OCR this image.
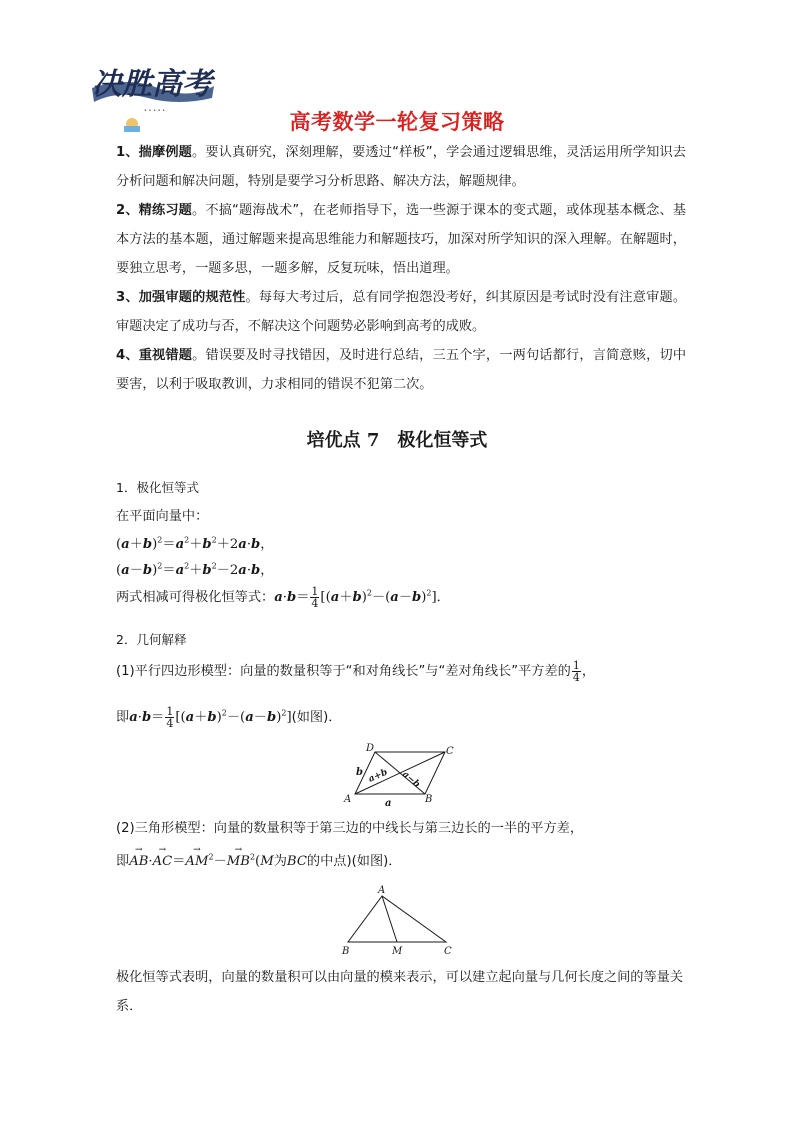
决胜高考
• • • • •	高考数学一轮复习策略
1、揣摩例题。要认真研究，深刻理解，要透过“样板”，学会通过逻辑思维，灵活运用所学知识去分析问题和解决问题，特别是要学习分析思路、解决方法，解题规律。
2、精练习题。不搞“题海战术”，在老师指导下，选一些源于课本的变式题，或体现基本概念、基本方法的基本题，通过解题来提高思维能力和解题技巧，加深对所学知识的深入理解。在解题时，要独立思考，一题多思，一题多解，反复玩味，悟出道理。
3、加强审题的规范性。每每大考过后，总有同学抱怨没考好，纠其原因是考试时没有注意审题。审题决定了成功与否，不解决这个问题势必影响到高考的成败。
4、重视错题。错误要及时寻找错因，及时进行总结，三五个字，一两句话都行，言简意赅，切中要害，以利于吸取教训，力求相同的错误不犯第二次。
培优点 7　极化恒等式
1．极化恒等式
在平面向量中：
$(a+b)^2=a^2+b^2+2a\cdot b$，
$(a-b)^2=a^2+b^2-2a\cdot b$，
两式相减可得极化恒等式：$a\cdot b= \frac{1}{4} [(a+b)^2-(a-b)^2]$．
2．几何解释
(1)平行四边形模型：向量的数量积等于“和对角线长”与“差对角线长”平方差的 $\frac{1}{4}$ ，
即$a\cdot b= \frac{1}{4} [(a+b)^2-(a-b)^2]$(如图)．
D	C
A	B
a
b a+b a−b
(2)三角形模型：向量的数量积等于第三边的中线长与第三边长的一半的平方差，
即→ $AB\cdot\to AC=\to AM^2-\to MB^2(M$为BC的中点)(如图)．
A
B	M	C
极化恒等式表明，向量的数量积可以由向量的模来表示，可以建立起向量与几何长度之间的等量关系．
